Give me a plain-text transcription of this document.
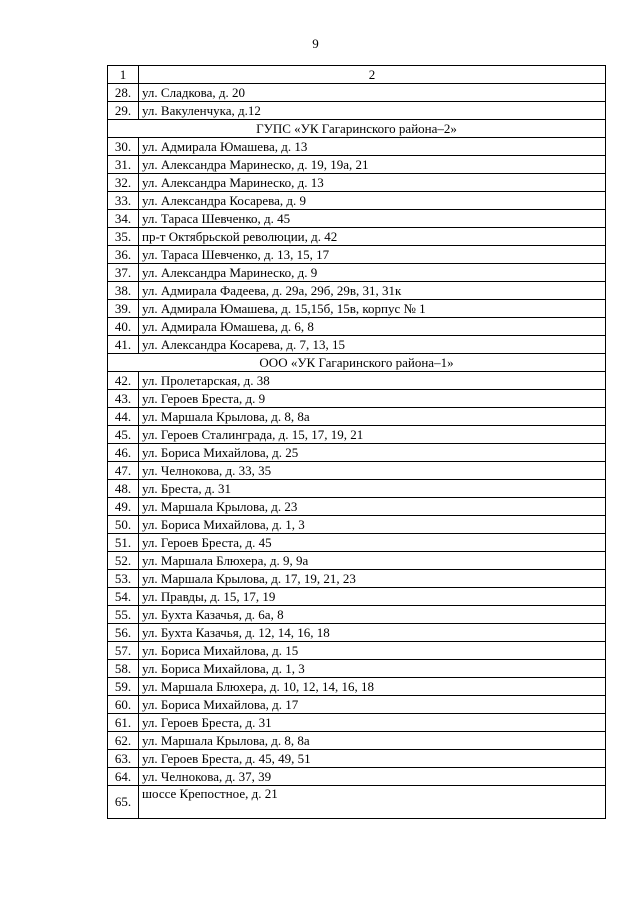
9
1	2
28.	ул. Сладкова, д. 20
29.	ул. Вакуленчука, д.12
ГУПС «УК Гагаринского района–2»	
30.	ул. Адмирала Юмашева, д. 13
31.	ул. Александра Маринеско, д. 19, 19а, 21
32.	ул. Александра Маринеско, д. 13
33.	ул. Александра Косарева, д. 9
34.	ул. Тараса Шевченко, д. 45
35.	пр-т Октябрьской революции, д. 42
36.	ул. Тараса Шевченко, д. 13, 15, 17
37.	ул. Александра Маринеско, д. 9
38.	ул. Адмирала Фадеева, д. 29а, 29б, 29в, 31, 31к
39.	ул. Адмирала Юмашева, д. 15,15б, 15в, корпус № 1
40.	ул. Адмирала Юмашева, д. 6, 8
41.	ул. Александра Косарева, д. 7, 13, 15
ООО «УК Гагаринского района–1»	
42.	ул. Пролетарская, д. 38
43.	ул. Героев Бреста, д. 9
44.	ул. Маршала Крылова, д. 8, 8а
45.	ул. Героев Сталинграда, д. 15, 17, 19, 21
46.	ул. Бориса Михайлова, д. 25
47.	ул. Челнокова, д. 33, 35
48.	ул. Бреста, д. 31
49.	ул. Маршала Крылова, д. 23
50.	ул. Бориса Михайлова, д. 1, 3
51.	ул. Героев Бреста, д. 45
52.	ул. Маршала Блюхера, д. 9, 9а
53.	ул. Маршала Крылова, д. 17, 19, 21, 23
54.	ул. Правды, д. 15, 17, 19
55.	ул. Бухта Казачья, д. 6а, 8
56.	ул. Бухта Казачья, д. 12, 14, 16, 18
57.	ул. Бориса Михайлова, д. 15
58.	ул. Бориса Михайлова, д. 1, 3
59.	ул. Маршала Блюхера, д. 10, 12, 14, 16, 18
60.	ул. Бориса Михайлова, д. 17
61.	ул. Героев Бреста, д. 31
62.	ул. Маршала Крылова, д. 8, 8а
63.	ул. Героев Бреста, д. 45, 49, 51
64.	ул. Челнокова, д. 37, 39
65.	шоссе Крепостное, д. 21
